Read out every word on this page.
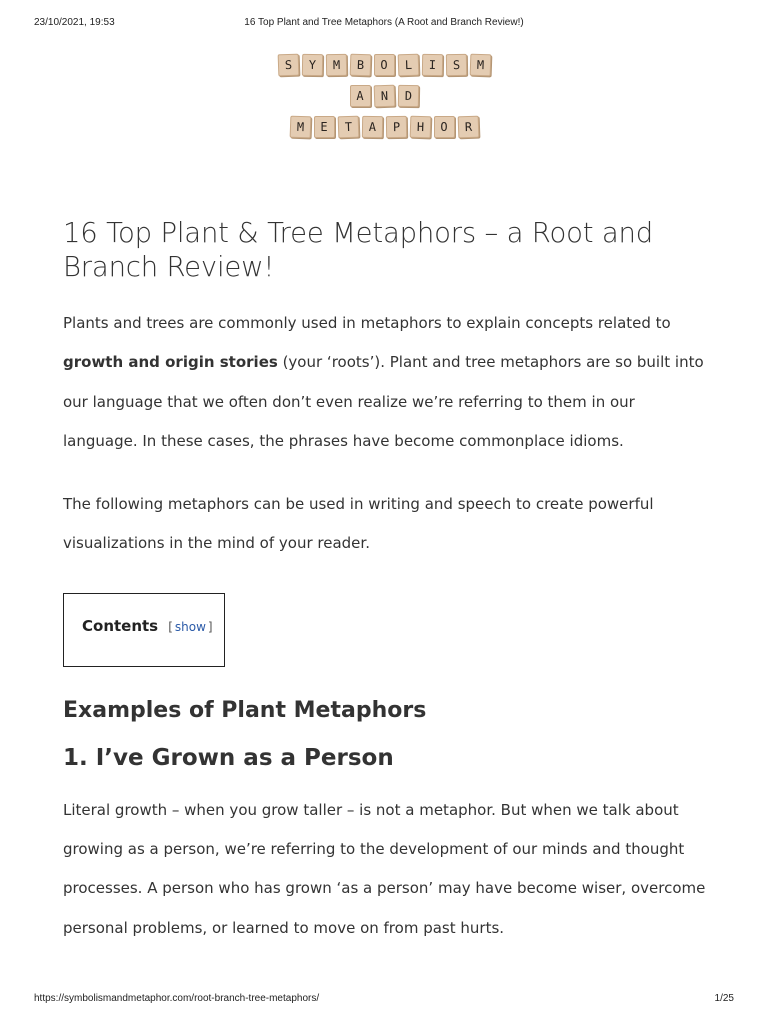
23/10/2021, 19:53	16 Top Plant and Tree Metaphors (A Root and Branch Review!)
S	Y	M	B	O	L	I	S	M
A	N	D
M	E	T	A	P	H	O	R
16 Top Plant & Tree Metaphors – a Root and Branch Review!

Plants and trees are commonly used in metaphors to explain concepts related to growth and origin stories (your ‘roots’). Plant and tree metaphors are so built into our language that we often don’t even realize we’re referring to them in our language. In these cases, the phrases have become commonplace idioms.

The following metaphors can be used in writing and speech to create powerful visualizations in the mind of your reader.

Contents [ show ]
Examples of Plant Metaphors
1. I’ve Grown as a Person

Literal growth – when you grow taller – is not a metaphor. But when we talk about growing as a person, we’re referring to the development of our minds and thought processes. A person who has grown ‘as a person’ may have become wiser, overcome personal problems, or learned to move on from past hurts.

https://symbolismandmetaphor.com/root-branch-tree-metaphors/	1/25
